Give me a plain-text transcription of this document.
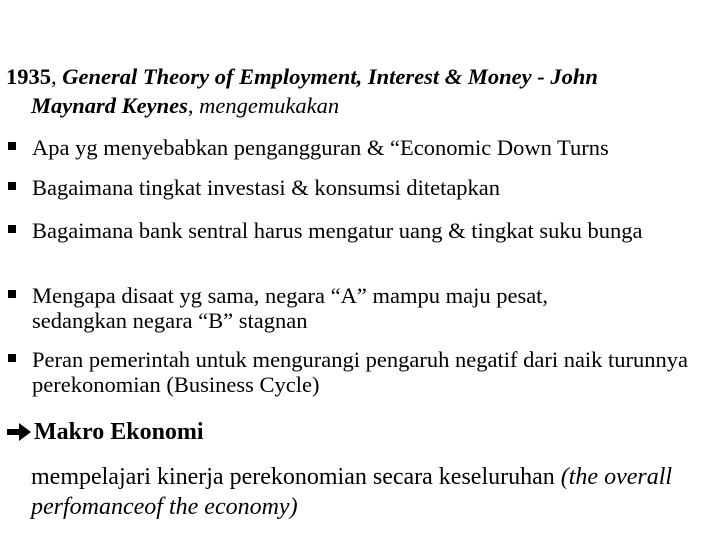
1935, General Theory of Employment, Interest & Money - John
Maynard Keynes, mengemukakan
Apa yg menyebabkan pengangguran & “Economic Down Turns
Bagaimana tingkat investasi & konsumsi ditetapkan
Bagaimana bank sentral harus mengatur uang & tingkat suku bunga
Mengapa disaat yg sama, negara “A” mampu maju pesat, sedangkan negara “B” stagnan
Peran pemerintah untuk mengurangi pengaruh negatif dari naik turunnya perekonomian (Business Cycle)
Makro Ekonomi
mempelajari kinerja perekonomian secara keseluruhan (the overall perfomanceof the economy)
